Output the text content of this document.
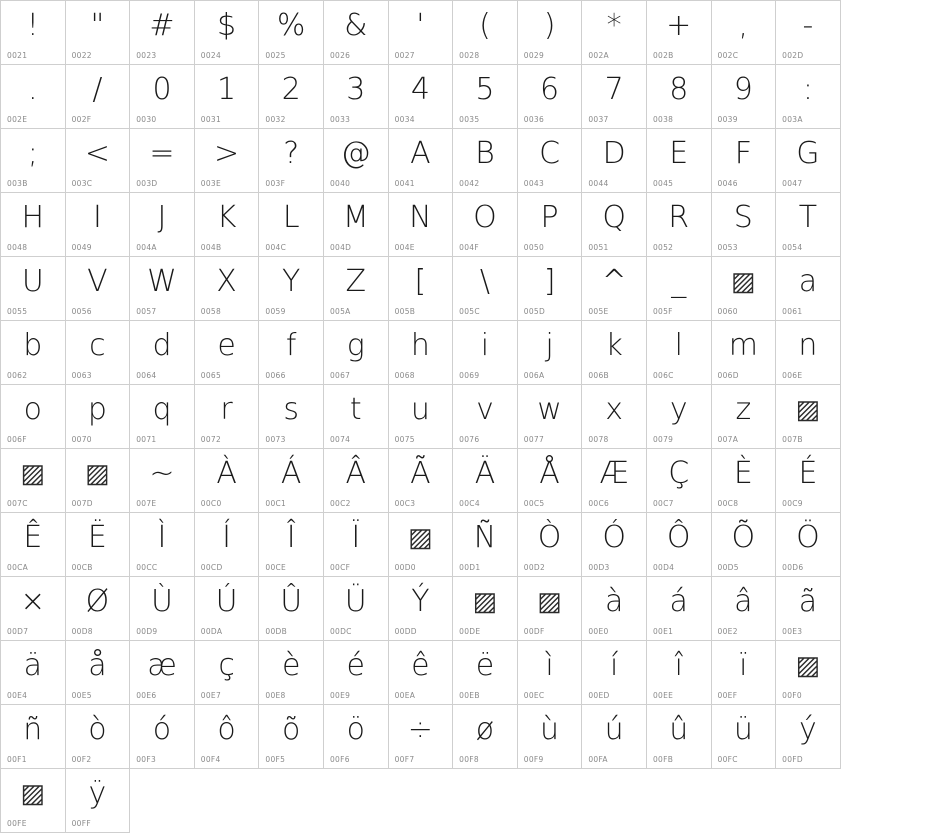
!
0021
"
0022
#
0023
$
0024
%
0025
&
0026
'
0027
(
0028
)
0029
*
002A
+
002B
,
002C
-
002D
.
002E
/
002F
0
0030
1
0031
2
0032
3
0033
4
0034
5
0035
6
0036
7
0037
8
0038
9
0039
:
003A
;
003B
<
003C
=
003D
>
003E
?
003F
@
0040
A
0041
B
0042
C
0043
D
0044
E
0045
F
0046
G
0047
H
0048
I
0049
J
004A
K
004B
L
004C
M
004D
N
004E
O
004F
P
0050
Q
0051
R
0052
S
0053
T
0054
U
0055
V
0056
W
0057
X
0058
Y
0059
Z
005A
[
005B
\
005C
]
005D
^
005E
_
005F
▨
0060
a
0061
b
0062
c
0063
d
0064
e
0065
f
0066
g
0067
h
0068
i
0069
j
006A
k
006B
l
006C
m
006D
n
006E
o
006F
p
0070
q
0071
r
0072
s
0073
t
0074
u
0075
v
0076
w
0077
x
0078
y
0079
z
007A
▨
007B
▨
007C
▨
007D
~
007E
À
00C0
Á
00C1
Â
00C2
Ã
00C3
Ä
00C4
Å
00C5
Æ
00C6
Ç
00C7
È
00C8
É
00C9
Ê
00CA
Ë
00CB
Ì
00CC
Í
00CD
Î
00CE
Ï
00CF
▨
00D0
Ñ
00D1
Ò
00D2
Ó
00D3
Ô
00D4
Õ
00D5
Ö
00D6
×
00D7
Ø
00D8
Ù
00D9
Ú
00DA
Û
00DB
Ü
00DC
Ý
00DD
▨
00DE
▨
00DF
à
00E0
á
00E1
â
00E2
ã
00E3
ä
00E4
å
00E5
æ
00E6
ç
00E7
è
00E8
é
00E9
ê
00EA
ë
00EB
ì
00EC
í
00ED
î
00EE
ï
00EF
▨
00F0
ñ
00F1
ò
00F2
ó
00F3
ô
00F4
õ
00F5
ö
00F6
÷
00F7
ø
00F8
ù
00F9
ú
00FA
û
00FB
ü
00FC
ý
00FD
▨
00FE
ÿ
00FF
